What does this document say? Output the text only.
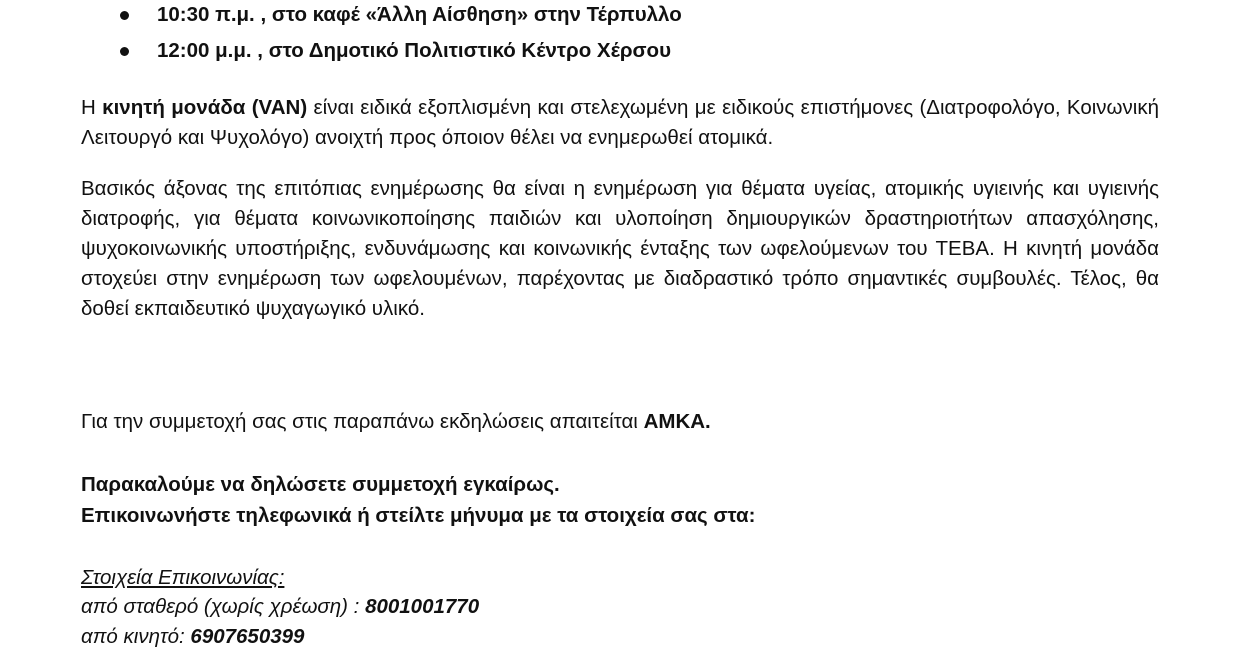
10:30 π.μ. , στο καφέ «Άλλη Αίσθηση» στην Τέρπυλλο
12:00 μ.μ. , στο Δημοτικό Πολιτιστικό Κέντρο Χέρσου

Η κινητή μονάδα (VAN) είναι ειδικά εξοπλισμένη και στελεχωμένη με ειδικούς επιστήμονες (Διατροφολόγο, Κοινωνική Λειτουργό και Ψυχολόγο) ανοιχτή προς όποιον θέλει να ενημερωθεί ατομικά.

Βασικός άξονας της επιτόπιας ενημέρωσης θα είναι η ενημέρωση για θέματα υγείας, ατομικής υγιεινής και υγιεινής διατροφής, για θέματα κοινωνικοποίησης παιδιών και υλοποίηση δημιουργικών δραστηριοτήτων απασχόλησης, ψυχοκοινωνικής υποστήριξης, ενδυνάμωσης και κοινωνικής ένταξης των ωφελούμενων του ΤΕΒΑ. Η κινητή μονάδα στοχεύει στην ενημέρωση των ωφελουμένων, παρέχοντας με διαδραστικό τρόπο σημαντικές συμβουλές. Τέλος, θα δοθεί εκπαιδευτικό ψυχαγωγικό υλικό.

Για την συμμετοχή σας στις παραπάνω εκδηλώσεις απαιτείται ΑΜΚΑ.

Παρακαλούμε να δηλώσετε συμμετοχή εγκαίρως.

Επικοινωνήστε τηλεφωνικά ή στείλτε μήνυμα με τα στοιχεία σας στα:

Στοιχεία Επικοινωνίας:

από σταθερό (χωρίς χρέωση) : 8001001770

από κινητό: 6907650399
